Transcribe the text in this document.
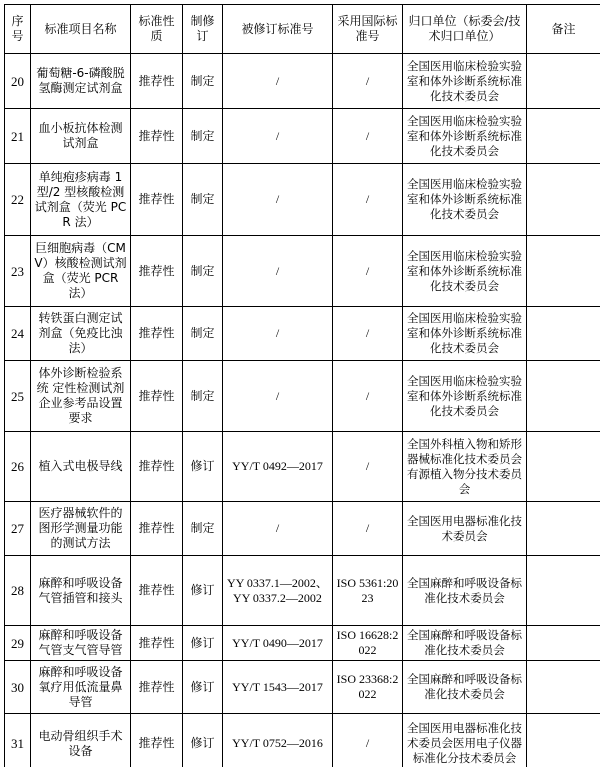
序号	标准项目名称	标准性质	制修订	被修订标准号	采用国际标准号	归口单位（标委会/技术归口单位）	备注
20	葡萄糖-6-磷酸脱氢酶测定试剂盒	推荐性	制定	/	/	全国医用临床检验实验室和体外诊断系统标准化技术委员会	
21	血小板抗体检测试剂盒	推荐性	制定	/	/	全国医用临床检验实验室和体外诊断系统标准化技术委员会	
22	单纯疱疹病毒 1 型/2 型核酸检测试剂盒（荧光 PCR 法）	推荐性	制定	/	/	全国医用临床检验实验室和体外诊断系统标准化技术委员会	
23	巨细胞病毒（CMV）核酸检测试剂盒（荧光 PCR 法）	推荐性	制定	/	/	全国医用临床检验实验室和体外诊断系统标准化技术委员会	
24	转铁蛋白测定试剂盒（免疫比浊法）	推荐性	制定	/	/	全国医用临床检验实验室和体外诊断系统标准化技术委员会	
25	体外诊断检验系统 定性检测试剂企业参考品设置要求	推荐性	制定	/	/	全国医用临床检验实验室和体外诊断系统标准化技术委员会	
26	植入式电极导线	推荐性	修订	YY/T 0492—2017	/	全国外科植入物和矫形器械标准化技术委员会有源植入物分技术委员会	
27	医疗器械软件的图形学测量功能的测试方法	推荐性	制定	/	/	全国医用电器标准化技术委员会	
28	麻醉和呼吸设备 气管插管和接头	推荐性	修订	YY 0337.1—2002、YY 0337.2—2002	ISO 5361:2023	全国麻醉和呼吸设备标准化技术委员会	
29	麻醉和呼吸设备 气管支气管导管	推荐性	修订	YY/T 0490—2017	ISO 16628:2022	全国麻醉和呼吸设备标准化技术委员会	
30	麻醉和呼吸设备 氧疗用低流量鼻导管	推荐性	修订	YY/T 1543—2017	ISO 23368:2022	全国麻醉和呼吸设备标准化技术委员会	
31	电动骨组织手术设备	推荐性	修订	YY/T 0752—2016	/	全国医用电器标准化技术委员会医用电子仪器标准化分技术委员会	
